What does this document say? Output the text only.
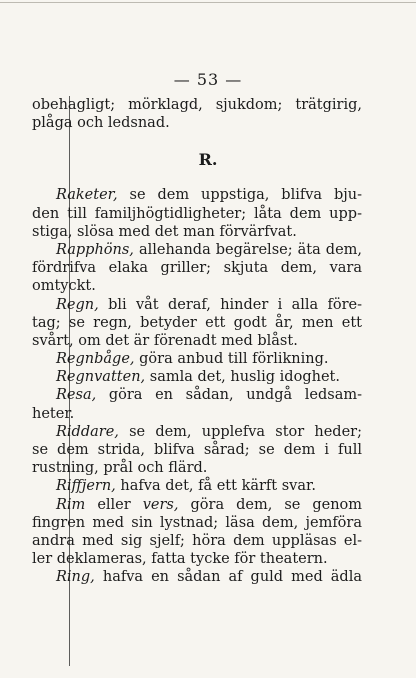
— 53 —
R.
obehagligt; mörklagd, sjukdom; trätgirig,
plåga och ledsnad.
Raketer, se dem uppstiga, blifva bju-
den till familjhögtidligheter; låta dem upp-
stiga, slösa med det man förvärfvat.
Rapphöns, allehanda begärelse; äta dem,
fördrifva elaka griller; skjuta dem, vara
omtyckt.
Regn, bli våt deraf, hinder i alla före-
tag; se regn, betyder ett godt år, men ett
svårt, om det är förenadt med blåst.
Regnbåge, göra anbud till förlikning.
Regnvatten, samla det, huslig idoghet.
Resa, göra en sådan, undgå ledsam-
heter.
Riddare, se dem, upplefva stor heder;
se dem strida, blifva sårad; se dem i full
rustning, prål och flärd.
Riffjern, hafva det, få ett kärft svar.
Rim eller vers, göra dem, se genom
fingren med sin lystnad; läsa dem, jemföra
andra med sig sjelf; höra dem uppläsas el-
ler deklameras, fatta tycke för theatern.
Ring, hafva en sådan af guld med ädla
